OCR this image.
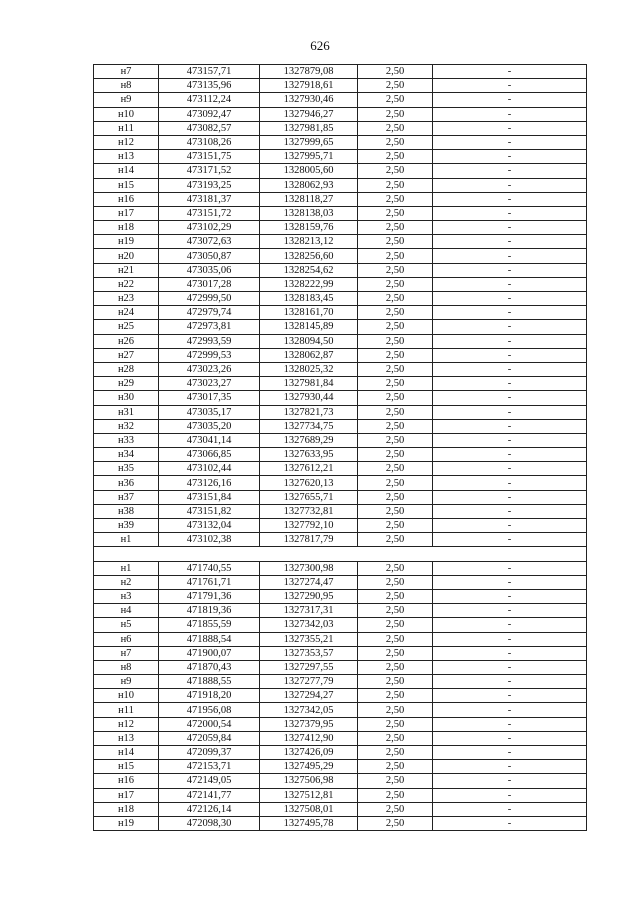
626
н7	473157,71	1327879,08	2,50	-
н8	473135,96	1327918,61	2,50	-
н9	473112,24	1327930,46	2,50	-
н10	473092,47	1327946,27	2,50	-
н11	473082,57	1327981,85	2,50	-
н12	473108,26	1327999,65	2,50	-
н13	473151,75	1327995,71	2,50	-
н14	473171,52	1328005,60	2,50	-
н15	473193,25	1328062,93	2,50	-
н16	473181,37	1328118,27	2,50	-
н17	473151,72	1328138,03	2,50	-
н18	473102,29	1328159,76	2,50	-
н19	473072,63	1328213,12	2,50	-
н20	473050,87	1328256,60	2,50	-
н21	473035,06	1328254,62	2,50	-
н22	473017,28	1328222,99	2,50	-
н23	472999,50	1328183,45	2,50	-
н24	472979,74	1328161,70	2,50	-
н25	472973,81	1328145,89	2,50	-
н26	472993,59	1328094,50	2,50	-
н27	472999,53	1328062,87	2,50	-
н28	473023,26	1328025,32	2,50	-
н29	473023,27	1327981,84	2,50	-
н30	473017,35	1327930,44	2,50	-
н31	473035,17	1327821,73	2,50	-
н32	473035,20	1327734,75	2,50	-
н33	473041,14	1327689,29	2,50	-
н34	473066,85	1327633,95	2,50	-
н35	473102,44	1327612,21	2,50	-
н36	473126,16	1327620,13	2,50	-
н37	473151,84	1327655,71	2,50	-
н38	473151,82	1327732,81	2,50	-
н39	473132,04	1327792,10	2,50	-
н1	473102,38	1327817,79	2,50	-

н1	471740,55	1327300,98	2,50	-
н2	471761,71	1327274,47	2,50	-
н3	471791,36	1327290,95	2,50	-
н4	471819,36	1327317,31	2,50	-
н5	471855,59	1327342,03	2,50	-
н6	471888,54	1327355,21	2,50	-
н7	471900,07	1327353,57	2,50	-
н8	471870,43	1327297,55	2,50	-
н9	471888,55	1327277,79	2,50	-
н10	471918,20	1327294,27	2,50	-
н11	471956,08	1327342,05	2,50	-
н12	472000,54	1327379,95	2,50	-
н13	472059,84	1327412,90	2,50	-
н14	472099,37	1327426,09	2,50	-
н15	472153,71	1327495,29	2,50	-
н16	472149,05	1327506,98	2,50	-
н17	472141,77	1327512,81	2,50	-
н18	472126,14	1327508,01	2,50	-
н19	472098,30	1327495,78	2,50	-
